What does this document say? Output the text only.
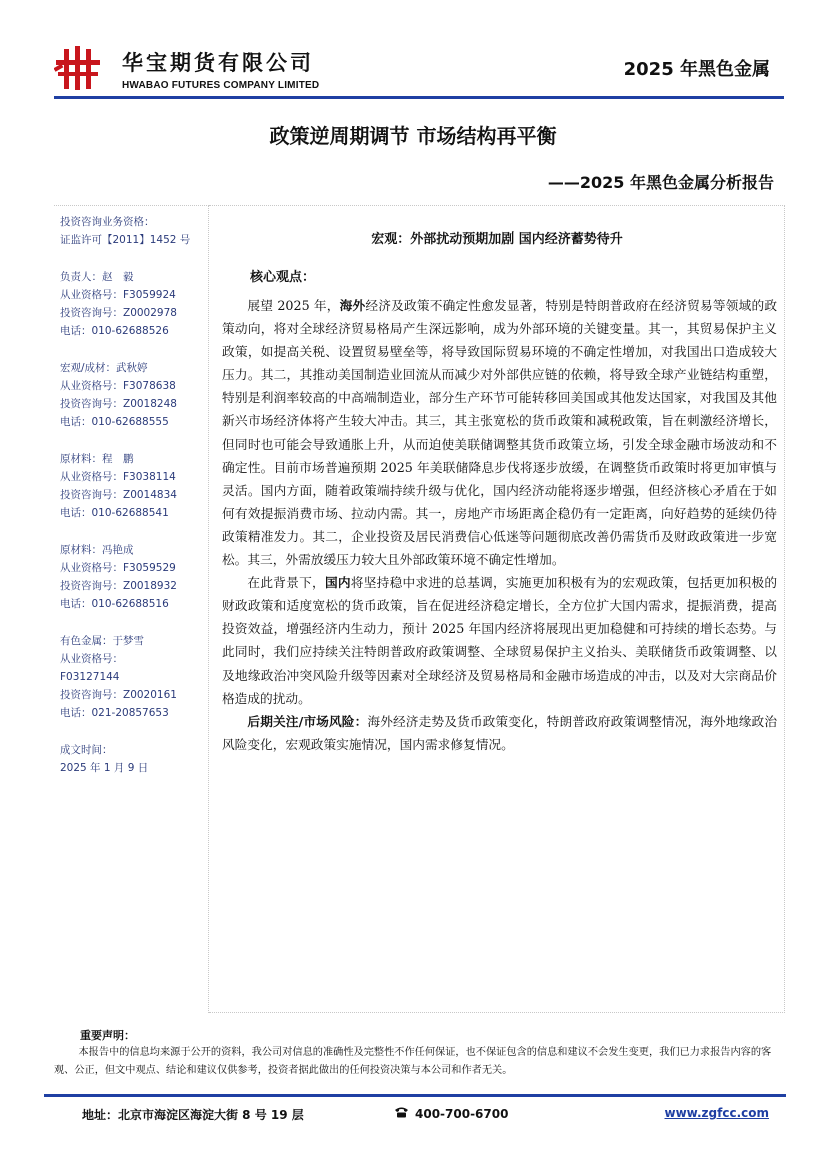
华宝期货有限公司
HWABAO FUTURES COMPANY LIMITED
2025 年黑色金属
政策逆周期调节 市场结构再平衡
——2025 年黑色金属分析报告
投资咨询业务资格：
证监许可【2011】1452 号
负责人：赵　毅
从业资格号：F3059924
投资咨询号：Z0002978
电话：010-62688526
宏观/成材：武秋婷
从业资格号：F3078638
投资咨询号：Z0018248
电话：010-62688555
原材料：程　鹏
从业资格号：F3038114
投资咨询号：Z0014834
电话：010-62688541
原材料：冯艳成
从业资格号：F3059529
投资咨询号：Z0018932
电话：010-62688516
有色金属：于梦雪
从业资格号：
F03127144
投资咨询号：Z0020161
电话：021-20857653
成文时间：
2025 年 1 月 9 日
宏观：外部扰动预期加剧 国内经济蓄势待升
核心观点：

展望 2025 年，海外经济及政策不确定性愈发显著，特别是特朗普政府在经济贸易等领域的政策动向，将对全球经济贸易格局产生深远影响，成为外部环境的关键变量。其一，其贸易保护主义政策，如提高关税、设置贸易壁垒等，将导致国际贸易环境的不确定性增加，对我国出口造成较大压力。其二，其推动美国制造业回流从而减少对外部供应链的依赖，将导致全球产业链结构重塑，特别是利润率较高的中高端制造业，部分生产环节可能转移回美国或其他发达国家，对我国及其他新兴市场经济体将产生较大冲击。其三，其主张宽松的货币政策和减税政策，旨在刺激经济增长，但同时也可能会导致通胀上升，从而迫使美联储调整其货币政策立场，引发全球金融市场波动和不确定性。目前市场普遍预期 2025 年美联储降息步伐将逐步放缓，在调整货币政策时将更加审慎与灵活。国内方面，随着政策端持续升级与优化，国内经济动能将逐步增强，但经济核心矛盾在于如何有效提振消费市场、拉动内需。其一，房地产市场距离企稳仍有一定距离，向好趋势的延续仍待政策精准发力。其二，企业投资及居民消费信心低迷等问题彻底改善仍需货币及财政政策进一步宽松。其三，外需放缓压力较大且外部政策环境不确定性增加。

在此背景下，国内将坚持稳中求进的总基调，实施更加积极有为的宏观政策，包括更加积极的财政政策和适度宽松的货币政策，旨在促进经济稳定增长，全方位扩大国内需求，提振消费，提高投资效益，增强经济内生动力，预计 2025 年国内经济将展现出更加稳健和可持续的增长态势。与此同时，我们应持续关注特朗普政府政策调整、全球贸易保护主义抬头、美联储货币政策调整、以及地缘政治冲突风险升级等因素对全球经济及贸易格局和金融市场造成的冲击，以及对大宗商品价格造成的扰动。

后期关注/市场风险：海外经济走势及货币政策变化，特朗普政府政策调整情况，海外地缘政治风险变化，宏观政策实施情况，国内需求修复情况。

重要声明：

本报告中的信息均来源于公开的资料，我公司对信息的准确性及完整性不作任何保证，也不保证包含的信息和建议不会发生变更，我们已力求报告内容的客观、公正，但文中观点、结论和建议仅供参考，投资者据此做出的任何投资决策与本公司和作者无关。

地址：北京市海淀区海淀大街 8 号 19 层	400-700-6700	www.zgfcc.com
